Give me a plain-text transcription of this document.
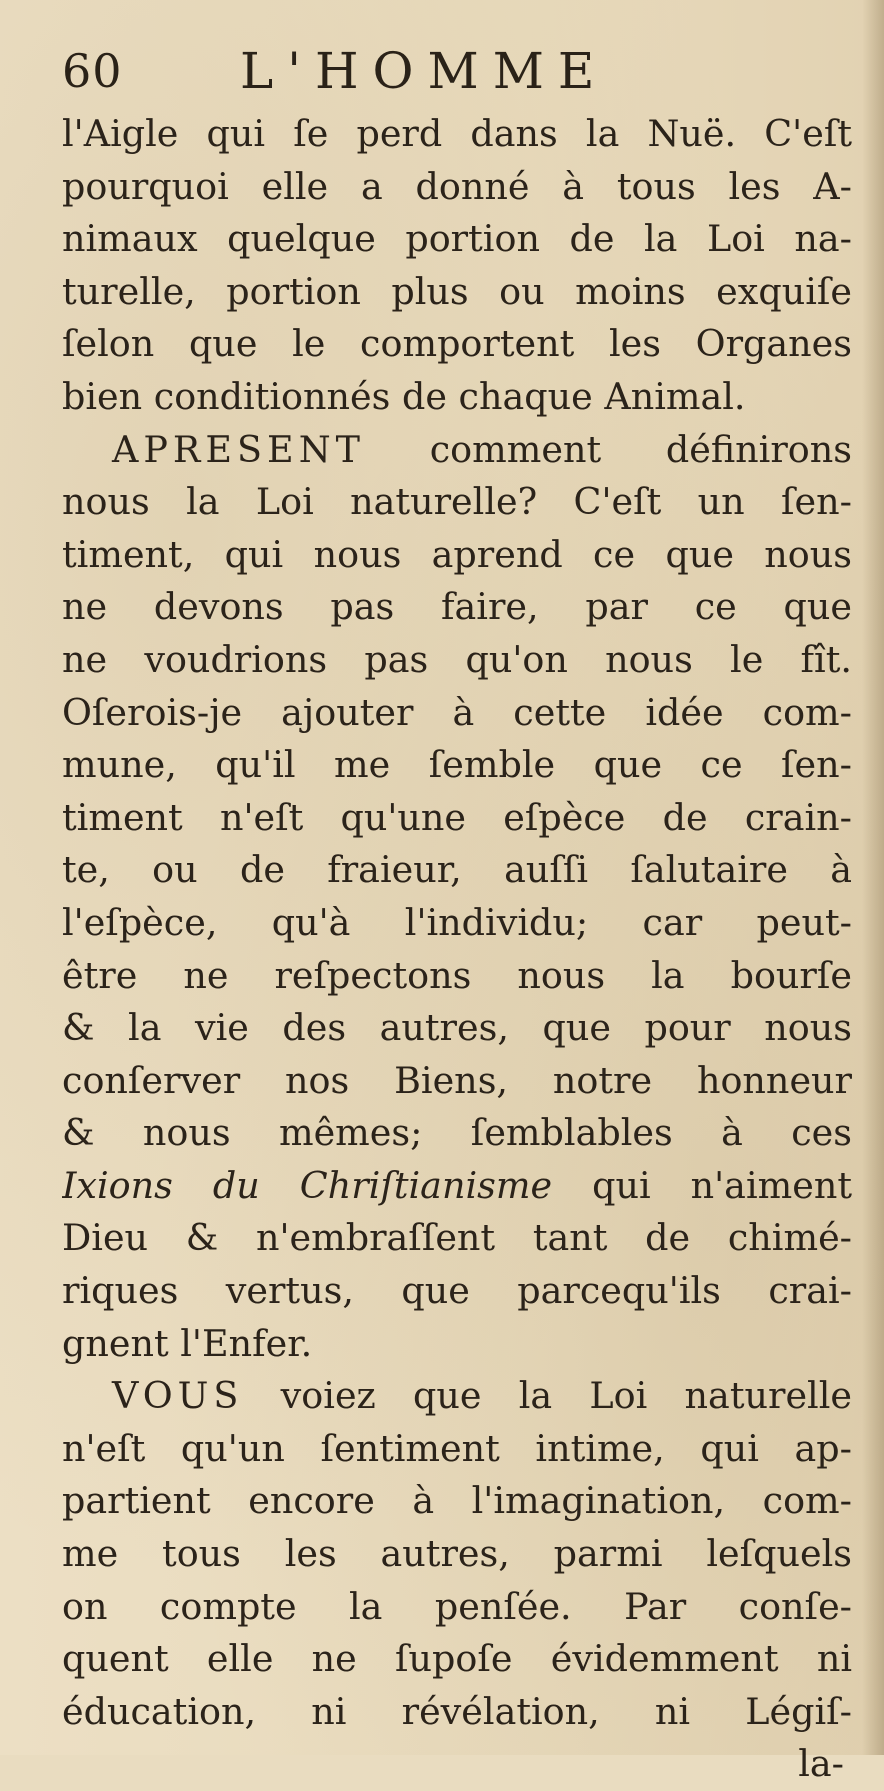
60 L'HOMME
l'Aigle qui ſe perd dans la Nuë. C'eſt
pourquoi elle a donné à tous les A-
nimaux quelque portion de la Loi na-
turelle, portion plus ou moins exquiſe
ſelon que le comportent les Organes
bien conditionnés de chaque Animal.
APRESENT comment définirons
nous la Loi naturelle? C'eſt un ſen-
timent, qui nous aprend ce que nous
ne devons pas faire, par ce que
ne voudrions pas qu'on nous le fît.
Oſerois-je ajouter à cette idée com-
mune, qu'il me ſemble que ce ſen-
timent n'eſt qu'une eſpèce de crain-
te, ou de fraieur, auſſi ſalutaire à
l'eſpèce, qu'à l'individu; car peut-
être ne reſpectons nous la bourſe
& la vie des autres, que pour nous
conſerver nos Biens, notre honneur
& nous mêmes; ſemblables à ces
Ixions du Chriſtianisme qui n'aiment
Dieu & n'embraſſent tant de chimé-
riques vertus, que parcequ'ils crai-
gnent l'Enfer.
VOUS voiez que la Loi naturelle
n'eſt qu'un ſentiment intime, qui ap-
partient encore à l'imagination, com-
me tous les autres, parmi leſquels
on compte la penſée. Par conſe-
quent elle ne ſupoſe évidemment ni
éducation, ni révélation, ni Légiſ-
la-
